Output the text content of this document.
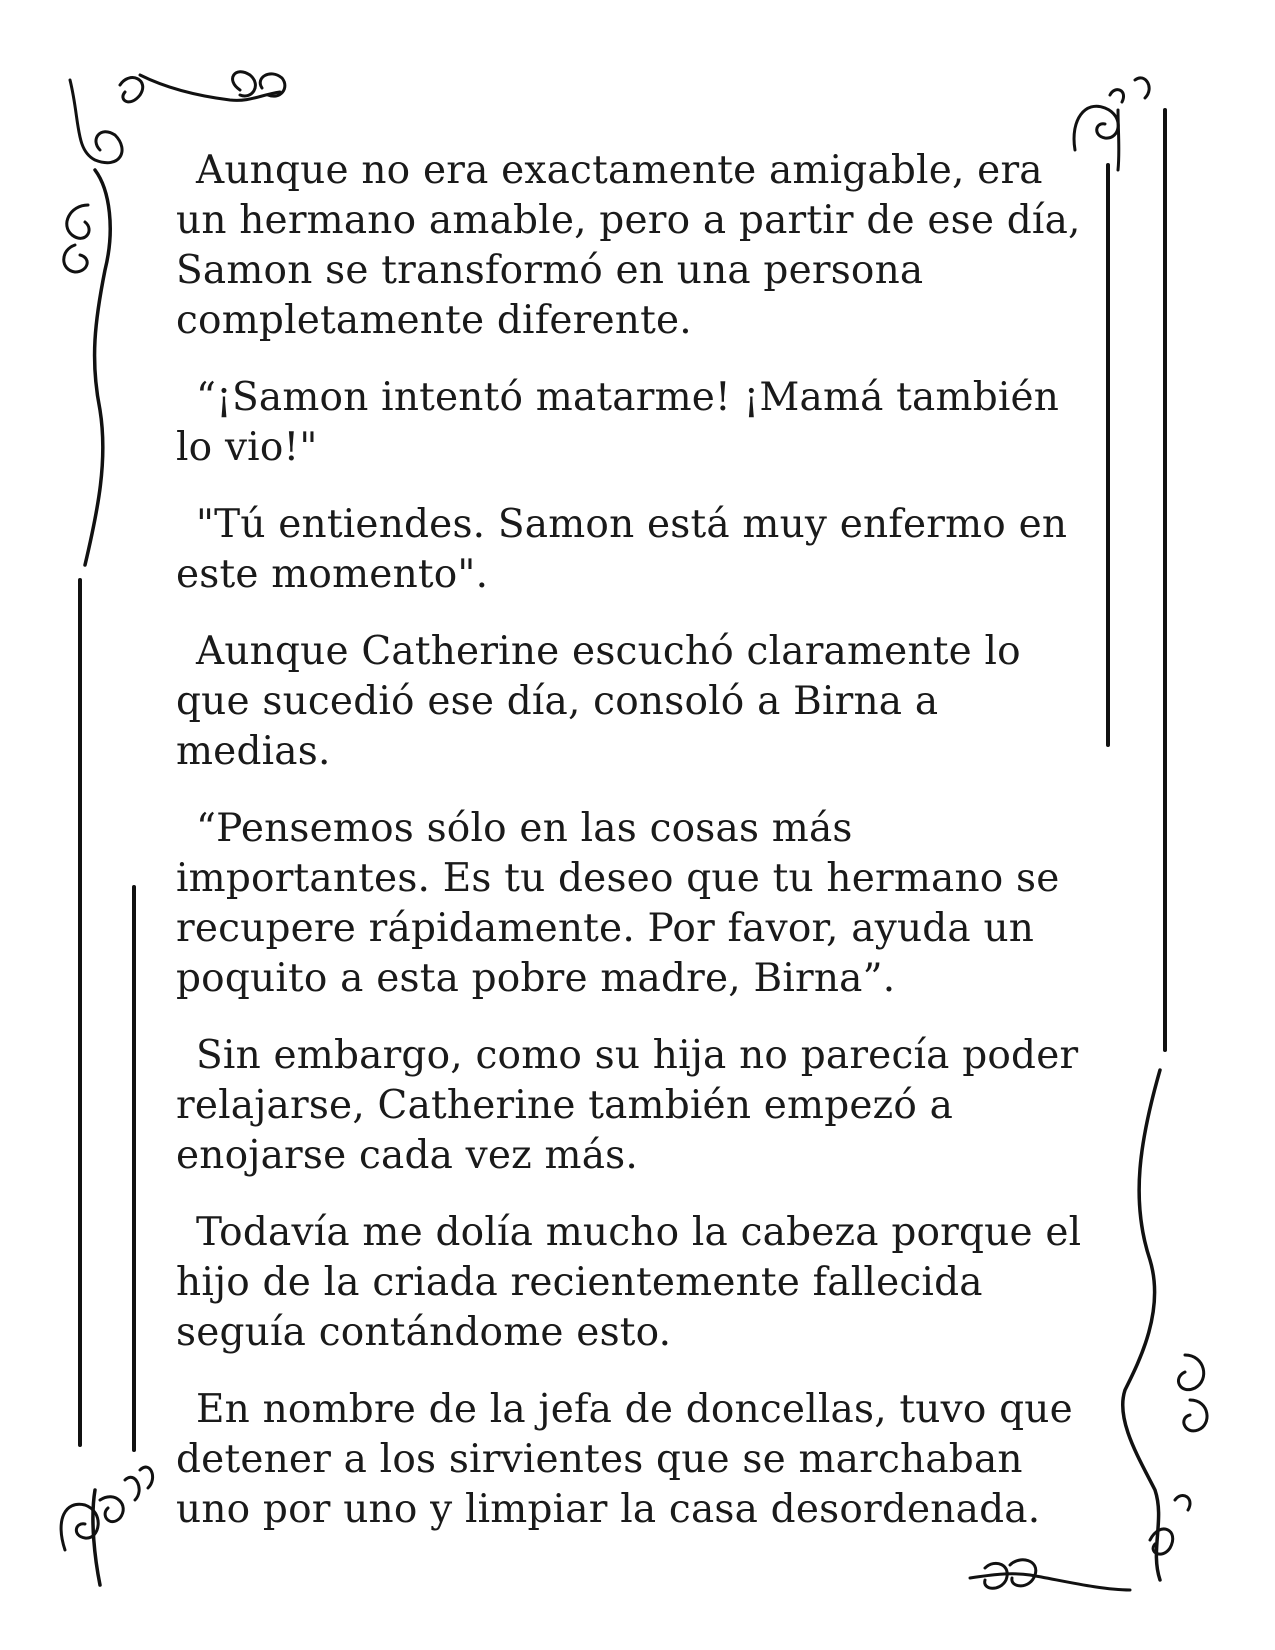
Aunque no era exactamente amigable, era un hermano amable, pero a partir de ese día, Samon se transformó en una persona completamente diferente.

“¡Samon intentó matarme! ¡Mamá también lo vio!"

"Tú entiendes. Samon está muy enfermo en este momento".

Aunque Catherine escuchó claramente lo que sucedió ese día, consoló a Birna a medias.

“Pensemos sólo en las cosas más importantes. Es tu deseo que tu hermano se recupere rápidamente. Por favor, ayuda un poquito a esta pobre madre, Birna”.

Sin embargo, como su hija no parecía poder relajarse, Catherine también empezó a enojarse cada vez más.

Todavía me dolía mucho la cabeza porque el hijo de la criada recientemente fallecida seguía contándome esto.

En nombre de la jefa de doncellas, tuvo que detener a los sirvientes que se marchaban uno por uno y limpiar la casa desordenada.
